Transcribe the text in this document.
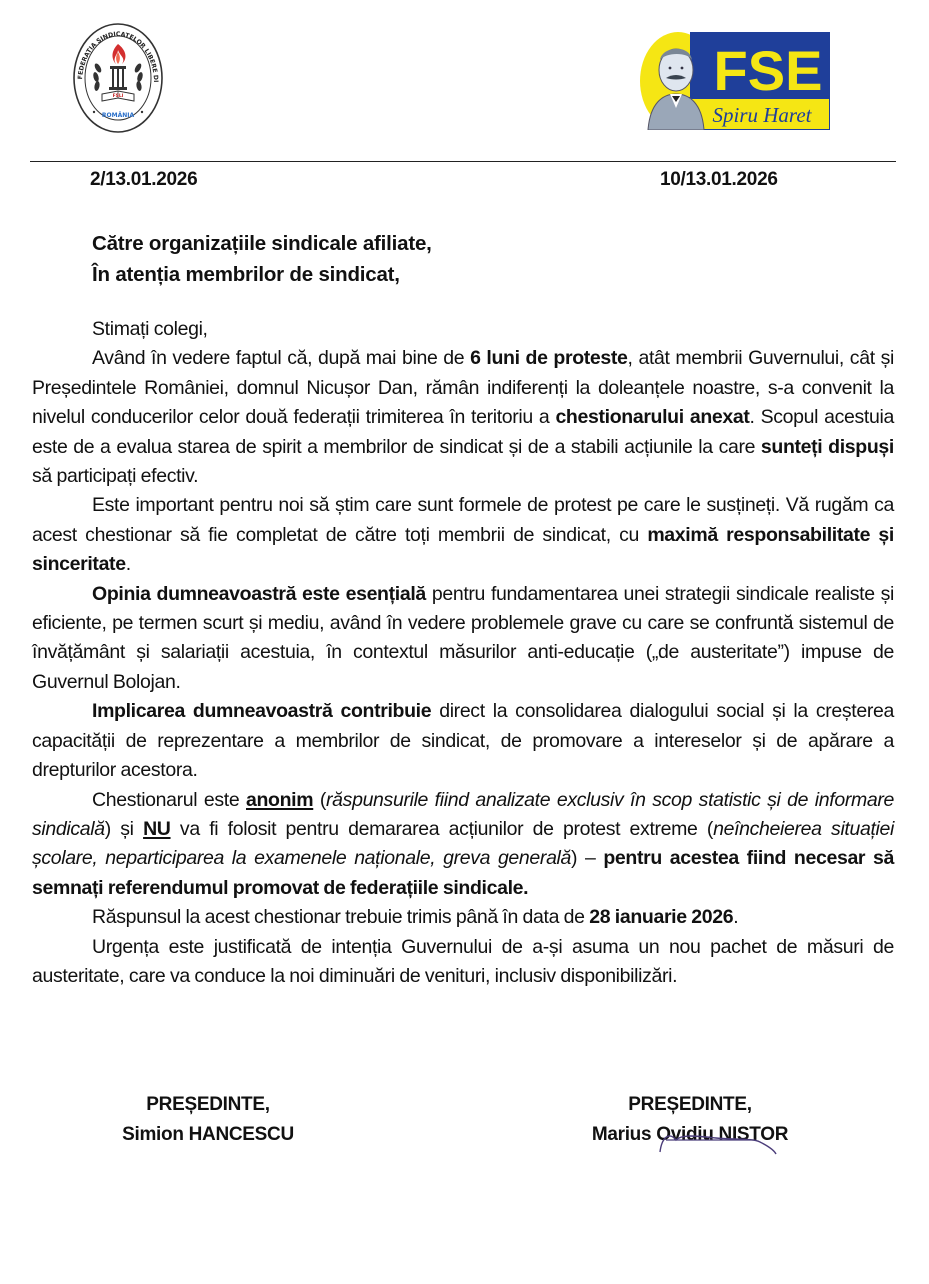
FEDERAȚIA SINDICATELOR LIBERE DI
FSLI
ROMÂNIA
FSE
Spiru Haret
2/13.01.2026	10/13.01.2026
Către organizațiile sindicale afiliate,
În atenția membrilor de sindicat,

Stimați colegi,

Având în vedere faptul că, după mai bine de 6 luni de proteste, atât membrii Guvernului, cât și Președintele României, domnul Nicușor Dan, rămân indiferenți la doleanțele noastre, s-a convenit la nivelul conducerilor celor două federații trimiterea în teritoriu a chestionarului anexat. Scopul acestuia este de a evalua starea de spirit a membrilor de sindicat și de a stabili acțiunile la care sunteți dispuși să participați efectiv.

Este important pentru noi să știm care sunt formele de protest pe care le susțineți. Vă rugăm ca acest chestionar să fie completat de către toți membrii de sindicat, cu maximă responsabilitate și sinceritate.

Opinia dumneavoastră este esențială pentru fundamentarea unei strategii sindicale realiste și eficiente, pe termen scurt și mediu, având în vedere problemele grave cu care se confruntă sistemul de învățământ și salariații acestuia, în contextul măsurilor anti-educație („de austeritate”) impuse de Guvernul Bolojan.

Implicarea dumneavoastră contribuie direct la consolidarea dialogului social și la creșterea capacității de reprezentare a membrilor de sindicat, de promovare a intereselor și de apărare a drepturilor acestora.

Chestionarul este anonim (răspunsurile fiind analizate exclusiv în scop statistic și de informare sindicală) și NU va fi folosit pentru demararea acțiunilor de protest extreme (neîncheierea situației școlare, neparticiparea la examenele naționale, greva generală) – pentru acestea fiind necesar să semnați referendumul promovat de federațiile sindicale.

Răspunsul la acest chestionar trebuie trimis până în data de 28 ianuarie 2026.

Urgența este justificată de intenția Guvernului de a-și asuma un nou pachet de măsuri de austeritate, care va conduce la noi diminuări de venituri, inclusiv disponibilizări.

PREȘEDINTE,
Simion HANCESCU
PREȘEDINTE,
Marius Ovidiu NISTOR
